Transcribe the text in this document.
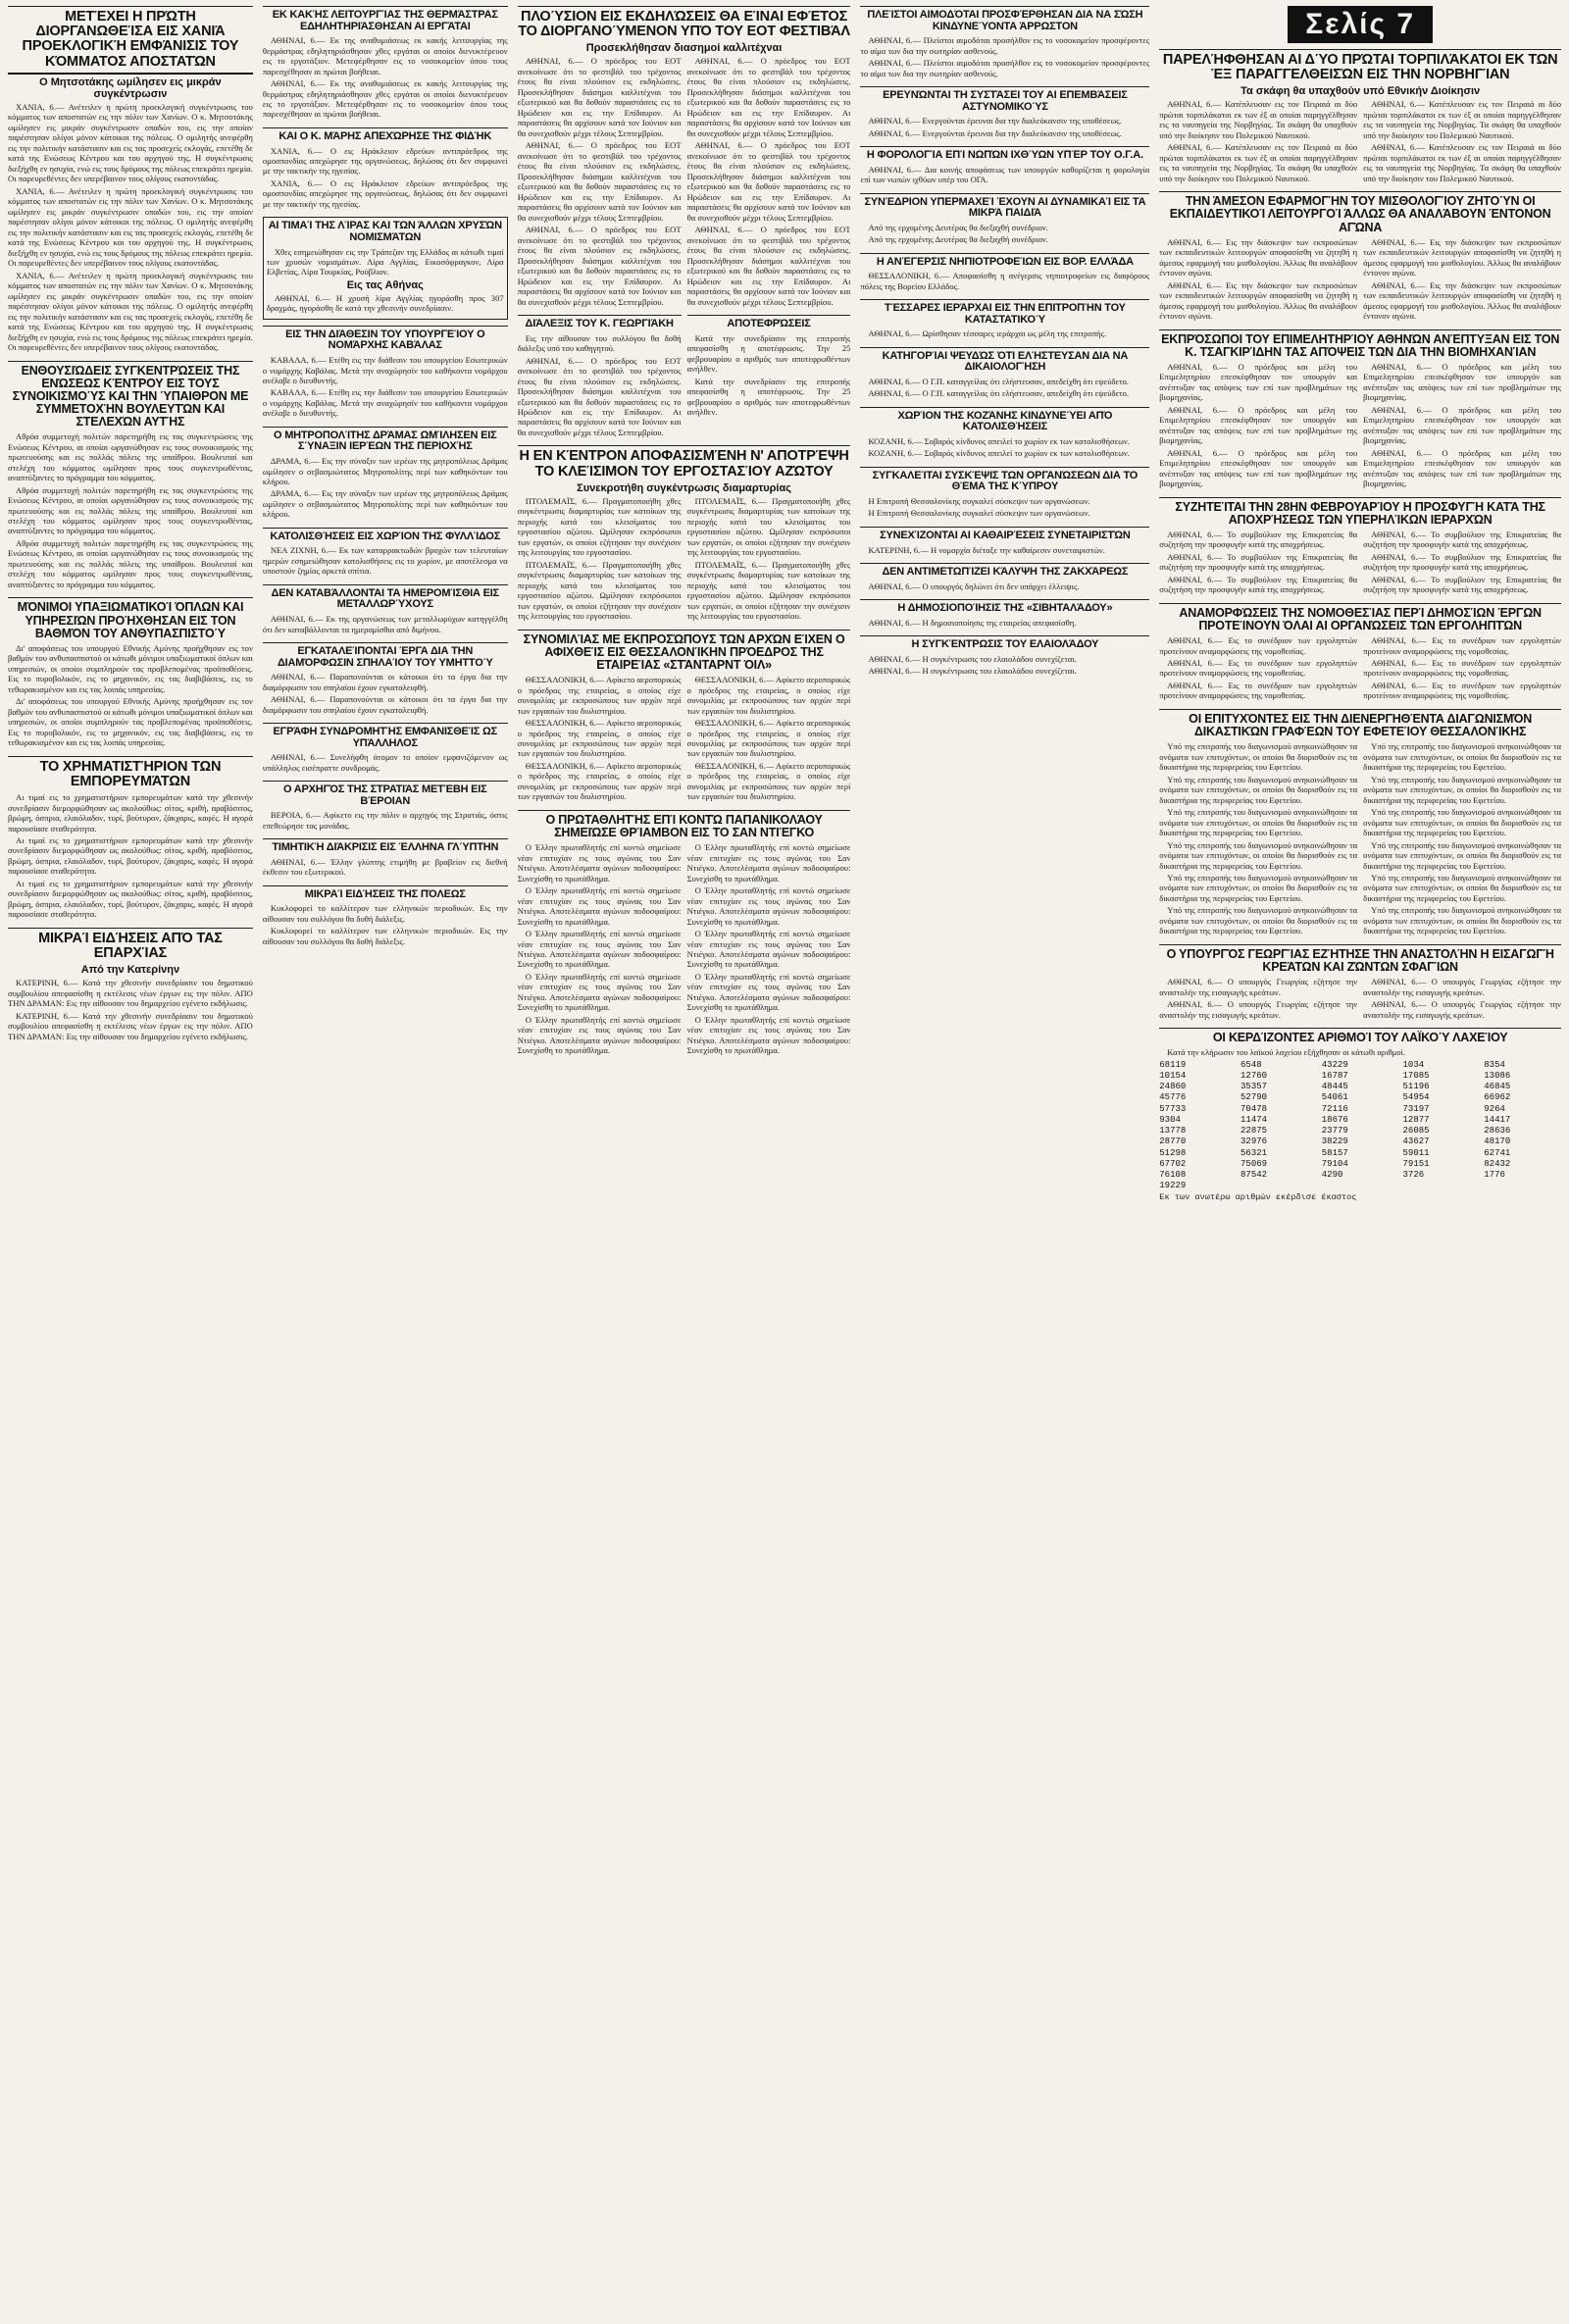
ΜΕΤΈΧΕΙ Η ΠΡΏΤΗ ΔΙΟΡΓΑΝΩΘΕΊΣΑ ΕΙΣ ΧΑΝΙΆ ΠΡΟΕΚΛΟΓΙΚΉ ΕΜΦΆΝΙΣΙΣ ΤΟΥ ΚΌΜΜΑΤΟΣ ΑΠΟΣΤΑΤΏΝ
Ο Μητσοτάκης ωμίλησεν εις μικράν συγκέντρωσιν

ΧΑΝΙΑ, 6.— Ανέτειλεν η πρώτη προεκλογική συγκέντρωσις του κόμματος των αποστατών εις την πόλιν των Χανίων. Ο κ. Μητσοτάκης ωμίλησεν εις μικράν συγκέντρωσιν οπαδών του, εις την οποίαν παρέστησαν ολίγοι μόνον κάτοικοι της πόλεως. Ο ομιλητής ανεφέρθη εις την πολιτικήν κατάστασιν και εις τας προσεχείς εκλογάς, επετέθη δε κατά της Ενώσεως Κέντρου και του αρχηγού της. Η συγκέντρωσις διεξήχθη εν ησυχία, ενώ εις τους δρόμους της πόλεως επεκράτει ηρεμία. Οι παρευρεθέντες δεν υπερέβαινον τους ολίγους εκατοντάδας.

ΧΑΝΙΑ, 6.— Ανέτειλεν η πρώτη προεκλογική συγκέντρωσις του κόμματος των αποστατών εις την πόλιν των Χανίων. Ο κ. Μητσοτάκης ωμίλησεν εις μικράν συγκέντρωσιν οπαδών του, εις την οποίαν παρέστησαν ολίγοι μόνον κάτοικοι της πόλεως. Ο ομιλητής ανεφέρθη εις την πολιτικήν κατάστασιν και εις τας προσεχείς εκλογάς, επετέθη δε κατά της Ενώσεως Κέντρου και του αρχηγού της. Η συγκέντρωσις διεξήχθη εν ησυχία, ενώ εις τους δρόμους της πόλεως επεκράτει ηρεμία. Οι παρευρεθέντες δεν υπερέβαινον τους ολίγους εκατοντάδας.

ΧΑΝΙΑ, 6.— Ανέτειλεν η πρώτη προεκλογική συγκέντρωσις του κόμματος των αποστατών εις την πόλιν των Χανίων. Ο κ. Μητσοτάκης ωμίλησεν εις μικράν συγκέντρωσιν οπαδών του, εις την οποίαν παρέστησαν ολίγοι μόνον κάτοικοι της πόλεως. Ο ομιλητής ανεφέρθη εις την πολιτικήν κατάστασιν και εις τας προσεχείς εκλογάς, επετέθη δε κατά της Ενώσεως Κέντρου και του αρχηγού της. Η συγκέντρωσις διεξήχθη εν ησυχία, ενώ εις τους δρόμους της πόλεως επεκράτει ηρεμία. Οι παρευρεθέντες δεν υπερέβαινον τους ολίγους εκατοντάδας.

ΕΝΘΟΥΣΙΏΔΕΙΣ ΣΥΓΚΕΝΤΡΏΣΕΙΣ ΤΗΣ ΕΝΏΣΕΩΣ ΚΈΝΤΡΟΥ ΕΙΣ ΤΟΥΣ ΣΥΝΟΙΚΙΣΜΟΎΣ ΚΑΙ ΤΗΝ ΎΠΑΙΘΡΟΝ ΜΕ ΣΥΜΜΕΤΟΧΉΝ ΒΟΥΛΕΥΤΏΝ ΚΑΙ ΣΤΕΛΕΧΏΝ ΑΥΤΉΣ

Αθρόα συμμετοχή πολιτών παρετηρήθη εις τας συγκεντρώσεις της Ενώσεως Κέντρου, αι οποίαι ωργανώθησαν εις τους συνοικισμούς της πρωτευούσης και εις πολλάς πόλεις της υπαίθρου. Βουλευταί και στελέχη του κόμματος ωμίλησαν προς τους συγκεντρωθέντας, αναπτύξαντες το πρόγραμμα του κόμματος.

Αθρόα συμμετοχή πολιτών παρετηρήθη εις τας συγκεντρώσεις της Ενώσεως Κέντρου, αι οποίαι ωργανώθησαν εις τους συνοικισμούς της πρωτευούσης και εις πολλάς πόλεις της υπαίθρου. Βουλευταί και στελέχη του κόμματος ωμίλησαν προς τους συγκεντρωθέντας, αναπτύξαντες το πρόγραμμα του κόμματος.

Αθρόα συμμετοχή πολιτών παρετηρήθη εις τας συγκεντρώσεις της Ενώσεως Κέντρου, αι οποίαι ωργανώθησαν εις τους συνοικισμούς της πρωτευούσης και εις πολλάς πόλεις της υπαίθρου. Βουλευταί και στελέχη του κόμματος ωμίλησαν προς τους συγκεντρωθέντας, αναπτύξαντες το πρόγραμμα του κόμματος.

ΜΌΝΙΜΟΙ ΥΠΑΞΙΩΜΑΤΙΚΟΊ ΌΠΛΩΝ ΚΑΙ ΥΠΗΡΕΣΙΏΝ ΠΡΟΉΧΘΗΣΑΝ ΕΙΣ ΤΟΝ ΒΑΘΜΌΝ ΤΟΥ ΑΝΘΥΠΑΣΠΙΣΤΟΎ

Δι' αποφάσεως του υπουργού Εθνικής Αμύνης προήχθησαν εις τον βαθμόν του ανθυπασπιστού οι κάτωθι μόνιμοι υπαξιωματικοί όπλων και υπηρεσιών, οι οποίοι συμπληρούν τας προβλεπομένας προϋποθέσεις. Εις το πυροβολικόν, εις το μηχανικόν, εις τας διαβιβάσεις, εις το τεθωρακισμένον και εις τας λοιπάς υπηρεσίας.

Δι' αποφάσεως του υπουργού Εθνικής Αμύνης προήχθησαν εις τον βαθμόν του ανθυπασπιστού οι κάτωθι μόνιμοι υπαξιωματικοί όπλων και υπηρεσιών, οι οποίοι συμπληρούν τας προβλεπομένας προϋποθέσεις. Εις το πυροβολικόν, εις το μηχανικόν, εις τας διαβιβάσεις, εις το τεθωρακισμένον και εις τας λοιπάς υπηρεσίας.

ΤΟ ΧΡΗΜΑΤΙΣΤΉΡΙΟΝ ΤΩΝ ΕΜΠΟΡΕΥΜΆΤΩΝ

Αι τιμαί εις το χρηματιστήριον εμπορευμάτων κατά την χθεσινήν συνεδρίασιν διεμορφώθησαν ως ακολούθως: σίτος, κριθή, αραβόσιτος, βρώμη, όσπρια, ελαιόλαδον, τυρί, βούτυρον, ζάκχαρις, καφές. Η αγορά παρουσίασε σταθερότητα.

Αι τιμαί εις το χρηματιστήριον εμπορευμάτων κατά την χθεσινήν συνεδρίασιν διεμορφώθησαν ως ακολούθως: σίτος, κριθή, αραβόσιτος, βρώμη, όσπρια, ελαιόλαδον, τυρί, βούτυρον, ζάκχαρις, καφές. Η αγορά παρουσίασε σταθερότητα.

Αι τιμαί εις το χρηματιστήριον εμπορευμάτων κατά την χθεσινήν συνεδρίασιν διεμορφώθησαν ως ακολούθως: σίτος, κριθή, αραβόσιτος, βρώμη, όσπρια, ελαιόλαδον, τυρί, βούτυρον, ζάκχαρις, καφές. Η αγορά παρουσίασε σταθερότητα.

ΜΙΚΡΑΊ ΕΙΔΉΣΕΙΣ ΑΠΌ ΤΑΣ ΕΠΑΡΧΊΑΣ
Από την Κατερίνην

ΚΑΤΕΡΙΝΗ, 6.— Κατά την χθεσινήν συνεδρίασιν του δημοτικού συμβουλίου απεφασίσθη η εκτέλεσις νέων έργων εις την πόλιν. ΑΠΟ ΤΗΝ ΔΡΑΜΑΝ: Εις την αίθουσαν του δημαρχείου εγένετο εκδήλωσις.

ΚΑΤΕΡΙΝΗ, 6.— Κατά την χθεσινήν συνεδρίασιν του δημοτικού συμβουλίου απεφασίσθη η εκτέλεσις νέων έργων εις την πόλιν. ΑΠΟ ΤΗΝ ΔΡΑΜΑΝ: Εις την αίθουσαν του δημαρχείου εγένετο εκδήλωσις.

ΕΚ ΚΑΚΉΣ ΛΕΙΤΟΥΡΓΊΑΣ ΤΗΣ ΘΕΡΜΆΣΤΡΑΣ ΕΔΗΛΗΤΗΡΙΆΣΘΗΣΑΝ ΑΙ ΕΡΓΆΤΑΙ

ΑΘΗΝΑΙ, 6.— Εκ της αναθυμιάσεως εκ κακής λειτουργίας της θερμάστρας εδηλητηριάσθησαν χθες εργάται οι οποίοι διενυκτέρευον εις το εργοτάξιον. Μετεφέρθησαν εις το νοσοκομείον όπου τους παρεσχέθησαν αι πρώται βοήθειαι.

ΑΘΗΝΑΙ, 6.— Εκ της αναθυμιάσεως εκ κακής λειτουργίας της θερμάστρας εδηλητηριάσθησαν χθες εργάται οι οποίοι διενυκτέρευον εις το εργοτάξιον. Μετεφέρθησαν εις το νοσοκομείον όπου τους παρεσχέθησαν αι πρώται βοήθειαι.

ΚΑΙ Ο Κ. ΜΆΡΗΣ ΑΠΕΧΏΡΗΣΕ ΤΗΣ ΦΙΔΉΚ

ΧΑΝΙΑ, 6.— Ο εις Ηράκλειον εδρεύων αντιπρόεδρος της ομοσπονδίας απεχώρησε της οργανώσεως, δηλώσας ότι δεν συμφωνεί με την τακτικήν της ηγεσίας.

ΧΑΝΙΑ, 6.— Ο εις Ηράκλειον εδρεύων αντιπρόεδρος της ομοσπονδίας απεχώρησε της οργανώσεως, δηλώσας ότι δεν συμφωνεί με την τακτικήν της ηγεσίας.

ΑΙ ΤΙΜΑΊ ΤΗΣ ΛΊΡΑΣ ΚΑΙ ΤΩΝ ΆΛΛΩΝ ΧΡΥΣΏΝ ΝΟΜΙΣΜΆΤΩΝ

Χθες εσημειώθησαν εις την Τράπεζαν της Ελλάδος αι κάτωθι τιμαί των χρυσών νομισμάτων. Λίρα Αγγλίας, Εικοσόφραγκον, Λίρα Ελβετίας, Λίρα Τουρκίας, Ρούβλιον.

Εις τας Αθήνας

ΑΘΗΝΑΙ, 6.— Η χρυσή λίρα Αγγλίας ηγοράσθη προς 307 δραχμάς, ηγοράσθη δε κατά την χθεσινήν συνεδρίασιν.

ΕΙΣ ΤΗΝ ΔΙΆΘΕΣΙΝ ΤΟΥ ΥΠΟΥΡΓΕΊΟΥ Ο ΝΟΜΆΡΧΗΣ ΚΑΒΆΛΑΣ

ΚΑΒΑΛΑ, 6.— Ετέθη εις την διάθεσιν του υπουργείου Εσωτερικών ο νομάρχης Καβάλας. Μετά την αναχώρησίν του καθήκοντα νομάρχου ανέλαβε ο διευθυντής.

ΚΑΒΑΛΑ, 6.— Ετέθη εις την διάθεσιν του υπουργείου Εσωτερικών ο νομάρχης Καβάλας. Μετά την αναχώρησίν του καθήκοντα νομάρχου ανέλαβε ο διευθυντής.

Ο ΜΗΤΡΟΠΟΛΊΤΗΣ ΔΡΆΜΑΣ ΩΜΊΛΗΣΕΝ ΕΙΣ ΣΎΝΑΞΙΝ ΙΕΡΈΩΝ ΤΗΣ ΠΕΡΙΟΧΉΣ

ΔΡΑΜΑ, 6.— Εις την σύναξιν των ιερέων της μητροπόλεως Δράμας ωμίλησεν ο σεβασμιώτατος Μητροπολίτης περί των καθηκόντων του κλήρου.

ΔΡΑΜΑ, 6.— Εις την σύναξιν των ιερέων της μητροπόλεως Δράμας ωμίλησεν ο σεβασμιώτατος Μητροπολίτης περί των καθηκόντων του κλήρου.

ΚΑΤΟΛΙΣΘΉΣΕΙΣ ΕΙΣ ΧΩΡΊΟΝ ΤΗΣ ΦΥΛΛΊΔΟΣ

ΝΕΑ ΖΙΧΝΗ, 6.— Εκ των καταρρακτωδών βροχών των τελευταίων ημερών εσημειώθησαν κατολισθήσεις εις το χωρίον, με αποτέλεσμα να υποστούν ζημίας αρκετά σπίτια.

ΔΕΝ ΚΑΤΑΒΆΛΛΟΝΤΑΙ ΤΑ ΗΜΕΡΟΜΊΣΘΙΑ ΕΙΣ ΜΕΤΑΛΛΩΡΎΧΟΥΣ

ΑΘΗΝΑΙ, 6.— Εκ της οργανώσεως των μεταλλωρύχων κατηγγέλθη ότι δεν καταβάλλονται τα ημερομίσθια από διμήνου.

ΕΓΚΑΤΑΛΕΊΠΟΝΤΑΙ ΈΡΓΑ ΔΙΑ ΤΗΝ ΔΙΑΜΌΡΦΩΣΙΝ ΣΠΗΛΑΊΟΥ ΤΟΥ ΥΜΗΤΤΟΎ

ΑΘΗΝΑΙ, 6.— Παραπονούνται οι κάτοικοι ότι τα έργα δια την διαμόρφωσιν του σπηλαίου έχουν εγκαταλειφθή.

ΑΘΗΝΑΙ, 6.— Παραπονούνται οι κάτοικοι ότι τα έργα δια την διαμόρφωσιν του σπηλαίου έχουν εγκαταλειφθή.

ΕΓΡΆΦΗ ΣΥΝΔΡΟΜΗΤΉΣ ΕΜΦΑΝΙΣΘΕΊΣ ΩΣ ΥΠΆΛΛΗΛΟΣ

ΑΘΗΝΑΙ, 6.— Συνελήφθη άτομον το οποίον εμφανιζόμενον ως υπάλληλος εισέπραττε συνδρομάς.

Ο ΑΡΧΗΓΌΣ ΤΗΣ ΣΤΡΑΤΙΆΣ ΜΕΤΈΒΗ ΕΙΣ ΒΈΡΟΙΑΝ

ΒΕΡΟΙΑ, 6.— Αφίκετο εις την πόλιν ο αρχηγός της Στρατιάς, όστις επεθεώρησε τας μονάδας.

ΤΙΜΗΤΙΚΉ ΔΙΆΚΡΙΣΙΣ ΕΙΣ ΈΛΛΗΝΑ ΓΛΎΠΤΗΝ

ΑΘΗΝΑΙ, 6.— Έλλην γλύπτης ετιμήθη με βραβείον εις διεθνή έκθεσιν του εξωτερικού.

ΜΙΚΡΑΊ ΕΙΔΉΣΕΙΣ ΤΗΣ ΠΌΛΕΩΣ

Κυκλοφορεί το καλλίτερον των ελληνικών περιοδικών. Εις την αίθουσαν του συλλόγου θα δοθή διάλεξις.

Κυκλοφορεί το καλλίτερον των ελληνικών περιοδικών. Εις την αίθουσαν του συλλόγου θα δοθή διάλεξις.

ΠΛΟΎΣΙΟΝ ΕΙΣ ΕΚΔΗΛΏΣΕΙΣ ΘΑ ΕΊΝΑΙ ΕΦΈΤΟΣ ΤΟ ΔΙΟΡΓΑΝΟΎΜΕΝΟΝ ΥΠΌ ΤΟΥ ΕΟΤ ΦΕΣΤΙΒΆΛ
Προσεκλήθησαν διασημοί καλλιτέχναι

ΑΘΗΝΑΙ, 6.— Ο πρόεδρος του ΕΟΤ ανεκοίνωσε ότι το φεστιβάλ του τρέχοντος έτους θα είναι πλούσιον εις εκδηλώσεις. Προσεκλήθησαν διάσημοι καλλιτέχναι του εξωτερικού και θα δοθούν παραστάσεις εις το Ηρώδειον και εις την Επίδαυρον. Αι παραστάσεις θα αρχίσουν κατά τον Ιούνιον και θα συνεχισθούν μέχρι τέλους Σεπτεμβρίου.

ΑΘΗΝΑΙ, 6.— Ο πρόεδρος του ΕΟΤ ανεκοίνωσε ότι το φεστιβάλ του τρέχοντος έτους θα είναι πλούσιον εις εκδηλώσεις. Προσεκλήθησαν διάσημοι καλλιτέχναι του εξωτερικού και θα δοθούν παραστάσεις εις το Ηρώδειον και εις την Επίδαυρον. Αι παραστάσεις θα αρχίσουν κατά τον Ιούνιον και θα συνεχισθούν μέχρι τέλους Σεπτεμβρίου.

ΑΘΗΝΑΙ, 6.— Ο πρόεδρος του ΕΟΤ ανεκοίνωσε ότι το φεστιβάλ του τρέχοντος έτους θα είναι πλούσιον εις εκδηλώσεις. Προσεκλήθησαν διάσημοι καλλιτέχναι του εξωτερικού και θα δοθούν παραστάσεις εις το Ηρώδειον και εις την Επίδαυρον. Αι παραστάσεις θα αρχίσουν κατά τον Ιούνιον και θα συνεχισθούν μέχρι τέλους Σεπτεμβρίου.

ΑΘΗΝΑΙ, 6.— Ο πρόεδρος του ΕΟΤ ανεκοίνωσε ότι το φεστιβάλ του τρέχοντος έτους θα είναι πλούσιον εις εκδηλώσεις. Προσεκλήθησαν διάσημοι καλλιτέχναι του εξωτερικού και θα δοθούν παραστάσεις εις το Ηρώδειον και εις την Επίδαυρον. Αι παραστάσεις θα αρχίσουν κατά τον Ιούνιον και θα συνεχισθούν μέχρι τέλους Σεπτεμβρίου.

ΑΘΗΝΑΙ, 6.— Ο πρόεδρος του ΕΟΤ ανεκοίνωσε ότι το φεστιβάλ του τρέχοντος έτους θα είναι πλούσιον εις εκδηλώσεις. Προσεκλήθησαν διάσημοι καλλιτέχναι του εξωτερικού και θα δοθούν παραστάσεις εις το Ηρώδειον και εις την Επίδαυρον. Αι παραστάσεις θα αρχίσουν κατά τον Ιούνιον και θα συνεχισθούν μέχρι τέλους Σεπτεμβρίου.

ΑΘΗΝΑΙ, 6.— Ο πρόεδρος του ΕΟΤ ανεκοίνωσε ότι το φεστιβάλ του τρέχοντος έτους θα είναι πλούσιον εις εκδηλώσεις. Προσεκλήθησαν διάσημοι καλλιτέχναι του εξωτερικού και θα δοθούν παραστάσεις εις το Ηρώδειον και εις την Επίδαυρον. Αι παραστάσεις θα αρχίσουν κατά τον Ιούνιον και θα συνεχισθούν μέχρι τέλους Σεπτεμβρίου.

ΔΙΆΛΕΞΙΣ ΤΟΥ Κ. ΓΕΩΡΓΙΆΚΗ

Εις την αίθουσαν του συλλόγου θα δοθή διάλεξις υπό του καθηγητού.

ΑΘΗΝΑΙ, 6.— Ο πρόεδρος του ΕΟΤ ανεκοίνωσε ότι το φεστιβάλ του τρέχοντος έτους θα είναι πλούσιον εις εκδηλώσεις. Προσεκλήθησαν διάσημοι καλλιτέχναι του εξωτερικού και θα δοθούν παραστάσεις εις το Ηρώδειον και εις την Επίδαυρον. Αι παραστάσεις θα αρχίσουν κατά τον Ιούνιον και θα συνεχισθούν μέχρι τέλους Σεπτεμβρίου.

ΑΠΟΤΕΦΡΏΣΕΙΣ

Κατά την συνεδρίασιν της επιτροπής απεφασίσθη η αποτέφρωσις. Την 25 φεβρουαρίου ο αριθμός των αποτεφρωθέντων ανήλθεν.

Κατά την συνεδρίασιν της επιτροπής απεφασίσθη η αποτέφρωσις. Την 25 φεβρουαρίου ο αριθμός των αποτεφρωθέντων ανήλθεν.

Η ΕΝ ΚΈΝΤΡΟΝ ΑΠΟΦΑΣΙΣΜΈΝΗ Ν' ΑΠΟΤΡΈΨΗ ΤΟ ΚΛΕΊΣΙΜΟΝ ΤΟΥ ΕΡΓΟΣΤΑΣΊΟΥ ΑΖΏΤΟΥ
Συνεκροτήθη συγκέντρωσις διαμαρτυρίας

ΠΤΟΛΕΜΑΪΣ, 6.— Πραγματοποιήθη χθες συγκέντρωσις διαμαρτυρίας των κατοίκων της περιοχής κατά του κλεισίματος του εργοστασίου αζώτου. Ωμίλησαν εκπρόσωποι των εργατών, οι οποίοι εζήτησαν την συνέχισιν της λειτουργίας του εργοστασίου.

ΠΤΟΛΕΜΑΪΣ, 6.— Πραγματοποιήθη χθες συγκέντρωσις διαμαρτυρίας των κατοίκων της περιοχής κατά του κλεισίματος του εργοστασίου αζώτου. Ωμίλησαν εκπρόσωποι των εργατών, οι οποίοι εζήτησαν την συνέχισιν της λειτουργίας του εργοστασίου.

ΠΤΟΛΕΜΑΪΣ, 6.— Πραγματοποιήθη χθες συγκέντρωσις διαμαρτυρίας των κατοίκων της περιοχής κατά του κλεισίματος του εργοστασίου αζώτου. Ωμίλησαν εκπρόσωποι των εργατών, οι οποίοι εζήτησαν την συνέχισιν της λειτουργίας του εργοστασίου.

ΠΤΟΛΕΜΑΪΣ, 6.— Πραγματοποιήθη χθες συγκέντρωσις διαμαρτυρίας των κατοίκων της περιοχής κατά του κλεισίματος του εργοστασίου αζώτου. Ωμίλησαν εκπρόσωποι των εργατών, οι οποίοι εζήτησαν την συνέχισιν της λειτουργίας του εργοστασίου.

ΣΥΝΟΜΙΛΊΑΣ ΜΕ ΕΚΠΡΟΣΏΠΟΥΣ ΤΩΝ ΑΡΧΏΝ ΕΊΧΕΝ Ο ΑΦΙΧΘΕΊΣ ΕΙΣ ΘΕΣΣΑΛΟΝΊΚΗΝ ΠΡΌΕΔΡΟΣ ΤΗΣ ΕΤΑΙΡΕΊΑΣ «ΣΤΆΝΤΑΡΝΤ ΌΙΛ»

ΘΕΣΣΑΛΟΝΙΚΗ, 6.— Αφίκετο αεροπορικώς ο πρόεδρος της εταιρείας, ο οποίος είχε συνομιλίας με εκπροσώπους των αρχών περί των εργασιών του διυλιστηρίου.

ΘΕΣΣΑΛΟΝΙΚΗ, 6.— Αφίκετο αεροπορικώς ο πρόεδρος της εταιρείας, ο οποίος είχε συνομιλίας με εκπροσώπους των αρχών περί των εργασιών του διυλιστηρίου.

ΘΕΣΣΑΛΟΝΙΚΗ, 6.— Αφίκετο αεροπορικώς ο πρόεδρος της εταιρείας, ο οποίος είχε συνομιλίας με εκπροσώπους των αρχών περί των εργασιών του διυλιστηρίου.

ΘΕΣΣΑΛΟΝΙΚΗ, 6.— Αφίκετο αεροπορικώς ο πρόεδρος της εταιρείας, ο οποίος είχε συνομιλίας με εκπροσώπους των αρχών περί των εργασιών του διυλιστηρίου.

ΘΕΣΣΑΛΟΝΙΚΗ, 6.— Αφίκετο αεροπορικώς ο πρόεδρος της εταιρείας, ο οποίος είχε συνομιλίας με εκπροσώπους των αρχών περί των εργασιών του διυλιστηρίου.

ΘΕΣΣΑΛΟΝΙΚΗ, 6.— Αφίκετο αεροπορικώς ο πρόεδρος της εταιρείας, ο οποίος είχε συνομιλίας με εκπροσώπους των αρχών περί των εργασιών του διυλιστηρίου.

Ο ΠΡΩΤΑΘΛΗΤΉΣ ΕΠΊ ΚΟΝΤΏ ΠΑΠΑΝΙΚΟΛΆΟΥ ΣΗΜΕΙΏΣΕ ΘΡΊΑΜΒΟΝ ΕΙΣ ΤΟ ΣΑΝ ΝΤΙΈΓΚΟ

Ο Έλλην πρωταθλητής επί κοντώ σημείωσε νέαν επιτυχίαν εις τους αγώνας του Σαν Ντιέγκο. Αποτελέσματα αγώνων ποδοσφαίρου: Συνεχίσθη το πρωτάθλημα.

Ο Έλλην πρωταθλητής επί κοντώ σημείωσε νέαν επιτυχίαν εις τους αγώνας του Σαν Ντιέγκο. Αποτελέσματα αγώνων ποδοσφαίρου: Συνεχίσθη το πρωτάθλημα.

Ο Έλλην πρωταθλητής επί κοντώ σημείωσε νέαν επιτυχίαν εις τους αγώνας του Σαν Ντιέγκο. Αποτελέσματα αγώνων ποδοσφαίρου: Συνεχίσθη το πρωτάθλημα.

Ο Έλλην πρωταθλητής επί κοντώ σημείωσε νέαν επιτυχίαν εις τους αγώνας του Σαν Ντιέγκο. Αποτελέσματα αγώνων ποδοσφαίρου: Συνεχίσθη το πρωτάθλημα.

Ο Έλλην πρωταθλητής επί κοντώ σημείωσε νέαν επιτυχίαν εις τους αγώνας του Σαν Ντιέγκο. Αποτελέσματα αγώνων ποδοσφαίρου: Συνεχίσθη το πρωτάθλημα.

Ο Έλλην πρωταθλητής επί κοντώ σημείωσε νέαν επιτυχίαν εις τους αγώνας του Σαν Ντιέγκο. Αποτελέσματα αγώνων ποδοσφαίρου: Συνεχίσθη το πρωτάθλημα.

Ο Έλλην πρωταθλητής επί κοντώ σημείωσε νέαν επιτυχίαν εις τους αγώνας του Σαν Ντιέγκο. Αποτελέσματα αγώνων ποδοσφαίρου: Συνεχίσθη το πρωτάθλημα.

Ο Έλλην πρωταθλητής επί κοντώ σημείωσε νέαν επιτυχίαν εις τους αγώνας του Σαν Ντιέγκο. Αποτελέσματα αγώνων ποδοσφαίρου: Συνεχίσθη το πρωτάθλημα.

Ο Έλλην πρωταθλητής επί κοντώ σημείωσε νέαν επιτυχίαν εις τους αγώνας του Σαν Ντιέγκο. Αποτελέσματα αγώνων ποδοσφαίρου: Συνεχίσθη το πρωτάθλημα.

Ο Έλλην πρωταθλητής επί κοντώ σημείωσε νέαν επιτυχίαν εις τους αγώνας του Σαν Ντιέγκο. Αποτελέσματα αγώνων ποδοσφαίρου: Συνεχίσθη το πρωτάθλημα.

ΠΛΕΊΣΤΟΙ ΑΙΜΟΔΌΤΑΙ ΠΡΟΣΦΈΡΘΗΣΑΝ ΔΙΑ ΝΑ ΣΏΣΗ ΚΙΝΔΥΝΕΎΟΝΤΑ ΆΡΡΩΣΤΟΝ

ΑΘΗΝΑΙ, 6.— Πλείστοι αιμοδόται προσήλθον εις το νοσοκομείον προσφέροντες το αίμα των δια την σωτηρίαν ασθενούς.

ΑΘΗΝΑΙ, 6.— Πλείστοι αιμοδόται προσήλθον εις το νοσοκομείον προσφέροντες το αίμα των δια την σωτηρίαν ασθενούς.

ΕΡΕΥΝΏΝΤΑΙ ΤΗ ΣΥΣΤΆΣΕΙ ΤΟΥ ΑΙ ΕΠΕΜΒΆΣΕΙΣ ΑΣΤΥΝΟΜΙΚΟΎΣ

ΑΘΗΝΑΙ, 6.— Ενεργούνται έρευναι δια την διαλεύκανσιν της υποθέσεως.

ΑΘΗΝΑΙ, 6.— Ενεργούνται έρευναι δια την διαλεύκανσιν της υποθέσεως.

Η ΦΟΡΟΛΟΓΊΑ ΕΠΊ ΝΩΠΏΝ ΙΧΘΎΩΝ ΥΠΈΡ ΤΟΥ Ο.Γ.Α.

ΑΘΗΝΑΙ, 6.— Δια κοινής αποφάσεως των υπουργών καθορίζεται η φορολογία επί των νωπών ιχθύων υπέρ του ΟΓΑ.

ΣΥΝΈΔΡΙΟΝ ΥΠΕΡΜΑΧΕΊ ΈΧΟΥΝ ΑΙ ΔΥΝΑΜΙΚΑΊ ΕΙΣ ΤΑ ΜΙΚΡΆ ΠΑΙΔΙΆ

Από της ερχομένης Δευτέρας θα διεξαχθή συνέδριον.

Από της ερχομένης Δευτέρας θα διεξαχθή συνέδριον.

Η ΑΝΈΓΕΡΣΙΣ ΝΗΠΙΟΤΡΟΦΕΊΩΝ ΕΙΣ ΒΟΡ. ΕΛΛΆΔΑ

ΘΕΣΣΑΛΟΝΙΚΗ, 6.— Αποφασίσθη η ανέγερσις νηπιοτροφείων εις διαφόρους πόλεις της Βορείου Ελλάδος.

ΤΈΣΣΑΡΕΣ ΙΕΡΆΡΧΑΙ ΕΙΣ ΤΗΝ ΕΠΙΤΡΟΠΉΝ ΤΟΥ ΚΑΤΑΣΤΑΤΙΚΟΎ

ΑΘΗΝΑΙ, 6.— Ωρίσθησαν τέσσαρες ιεράρχαι ως μέλη της επιτροπής.

ΚΑΤΗΓΟΡΊΑΙ ΨΕΥΔΏΣ ΌΤΙ ΕΛΉΣΤΕΥΣΑΝ ΔΙΑ ΝΑ ΔΙΚΑΙΟΛΟΓΉΣΗ

ΑΘΗΝΑΙ, 6.— Ο Γ.Π. καταγγείλας ότι ελήστευσαν, απεδείχθη ότι εψεύδετο.

ΑΘΗΝΑΙ, 6.— Ο Γ.Π. καταγγείλας ότι ελήστευσαν, απεδείχθη ότι εψεύδετο.

ΧΩΡΊΟΝ ΤΗΣ ΚΟΖΆΝΗΣ ΚΙΝΔΥΝΕΎΕΙ ΑΠΌ ΚΑΤΟΛΙΣΘΉΣΕΙΣ

ΚΟΖΑΝΗ, 6.— Σοβαρός κίνδυνος απειλεί το χωρίον εκ των κατολισθήσεων.

ΚΟΖΑΝΗ, 6.— Σοβαρός κίνδυνος απειλεί το χωρίον εκ των κατολισθήσεων.

ΣΥΓΚΑΛΕΊΤΑΙ ΣΥΣΚΈΨΙΣ ΤΩΝ ΟΡΓΑΝΏΣΕΩΝ ΔΙΑ ΤΟ ΘΈΜΑ ΤΗΣ ΚΎΠΡΟΥ

Η Επιτροπή Θεσσαλονίκης συγκαλεί σύσκεψιν των οργανώσεων.

Η Επιτροπή Θεσσαλονίκης συγκαλεί σύσκεψιν των οργανώσεων.

ΣΥΝΕΧΊΖΟΝΤΑΙ ΑΙ ΚΑΘΑΙΡΈΣΕΙΣ ΣΥΝΕΤΑΙΡΙΣΤΏΝ

ΚΑΤΕΡΙΝΗ, 6.— Η νομαρχία διέταξε την καθαίρεσιν συνεταιριστών.

ΔΕΝ ΑΝΤΙΜΕΤΩΠΊΖΕΙ ΚΆΛΥΨΗ ΤΗΣ ΖΑΚΧΆΡΕΩΣ

ΑΘΗΝΑΙ, 6.— Ο υπουργός δηλώνει ότι δεν υπάρχει έλλειψις.

Η ΔΗΜΟΣΙΟΠΟΊΗΣΙΣ ΤΗΣ «ΣΙΒΗΤΑΛΆΔΟΥ»

ΑΘΗΝΑΙ, 6.— Η δημοσιοποίησις της εταιρείας απεφασίσθη.

Η ΣΥΓΚΈΝΤΡΩΣΙΣ ΤΟΥ ΕΛΑΙΟΛΆΔΟΥ

ΑΘΗΝΑΙ, 6.— Η συγκέντρωσις του ελαιολάδου συνεχίζεται.

ΑΘΗΝΑΙ, 6.— Η συγκέντρωσις του ελαιολάδου συνεχίζεται.

Σελίς 7
ΠΑΡΕΛΉΦΘΗΣΑΝ ΑΙ ΔΎΟ ΠΡΏΤΑΙ ΤΟΡΠΙΛΆΚΑΤΟΙ ΕΚ ΤΩΝ ΈΞ ΠΑΡΑΓΓΕΛΘΕΙΣΏΝ ΕΙΣ ΤΗΝ ΝΟΡΒΗΓΊΑΝ
Τα σκάφη θα υπαχθούν υπό Εθνικήν Διοίκησιν

ΑΘΗΝΑΙ, 6.— Κατέπλευσαν εις τον Πειραιά αι δύο πρώται τορπιλάκατοι εκ των έξ αι οποίαι παρηγγέλθησαν εις τα ναυπηγεία της Νορβηγίας. Τα σκάφη θα υπαχθούν υπό την διοίκησιν του Πολεμικού Ναυτικού.

ΑΘΗΝΑΙ, 6.— Κατέπλευσαν εις τον Πειραιά αι δύο πρώται τορπιλάκατοι εκ των έξ αι οποίαι παρηγγέλθησαν εις τα ναυπηγεία της Νορβηγίας. Τα σκάφη θα υπαχθούν υπό την διοίκησιν του Πολεμικού Ναυτικού.

ΑΘΗΝΑΙ, 6.— Κατέπλευσαν εις τον Πειραιά αι δύο πρώται τορπιλάκατοι εκ των έξ αι οποίαι παρηγγέλθησαν εις τα ναυπηγεία της Νορβηγίας. Τα σκάφη θα υπαχθούν υπό την διοίκησιν του Πολεμικού Ναυτικού.

ΑΘΗΝΑΙ, 6.— Κατέπλευσαν εις τον Πειραιά αι δύο πρώται τορπιλάκατοι εκ των έξ αι οποίαι παρηγγέλθησαν εις τα ναυπηγεία της Νορβηγίας. Τα σκάφη θα υπαχθούν υπό την διοίκησιν του Πολεμικού Ναυτικού.

ΤΗΝ ΆΜΕΣΟΝ ΕΦΑΡΜΟΓΉΝ ΤΟΥ ΜΙΣΘΟΛΟΓΊΟΥ ΖΗΤΟΎΝ ΟΙ ΕΚΠΑΙΔΕΥΤΙΚΟΊ ΛΕΙΤΟΥΡΓΟΊ ΆΛΛΩΣ ΘΑ ΑΝΑΛΆΒΟΥΝ ΈΝΤΟΝΟΝ ΑΓΏΝΑ

ΑΘΗΝΑΙ, 6.— Εις την διάσκεψιν των εκπροσώπων των εκπαιδευτικών λειτουργών αποφασίσθη να ζητηθή η άμεσος εφαρμογή του μισθολογίου. Άλλως θα αναλάβουν έντονον αγώνα.

ΑΘΗΝΑΙ, 6.— Εις την διάσκεψιν των εκπροσώπων των εκπαιδευτικών λειτουργών αποφασίσθη να ζητηθή η άμεσος εφαρμογή του μισθολογίου. Άλλως θα αναλάβουν έντονον αγώνα.

ΑΘΗΝΑΙ, 6.— Εις την διάσκεψιν των εκπροσώπων των εκπαιδευτικών λειτουργών αποφασίσθη να ζητηθή η άμεσος εφαρμογή του μισθολογίου. Άλλως θα αναλάβουν έντονον αγώνα.

ΑΘΗΝΑΙ, 6.— Εις την διάσκεψιν των εκπροσώπων των εκπαιδευτικών λειτουργών αποφασίσθη να ζητηθή η άμεσος εφαρμογή του μισθολογίου. Άλλως θα αναλάβουν έντονον αγώνα.

ΕΚΠΡΌΣΩΠΟΙ ΤΟΥ ΕΠΙΜΕΛΗΤΗΡΊΟΥ ΑΘΗΝΏΝ ΑΝΈΠΤΥΞΑΝ ΕΙΣ ΤΟΝ Κ. ΤΣΑΓΚΙΡΊΔΗΝ ΤΑΣ ΑΠΌΨΕΙΣ ΤΩΝ ΔΙΑ ΤΗΝ ΒΙΟΜΗΧΑΝΊΑΝ

ΑΘΗΝΑΙ, 6.— Ο πρόεδρος και μέλη του Επιμελητηρίου επεσκέφθησαν τον υπουργόν και ανέπτυξαν τας απόψεις των επί των προβλημάτων της βιομηχανίας.

ΑΘΗΝΑΙ, 6.— Ο πρόεδρος και μέλη του Επιμελητηρίου επεσκέφθησαν τον υπουργόν και ανέπτυξαν τας απόψεις των επί των προβλημάτων της βιομηχανίας.

ΑΘΗΝΑΙ, 6.— Ο πρόεδρος και μέλη του Επιμελητηρίου επεσκέφθησαν τον υπουργόν και ανέπτυξαν τας απόψεις των επί των προβλημάτων της βιομηχανίας.

ΑΘΗΝΑΙ, 6.— Ο πρόεδρος και μέλη του Επιμελητηρίου επεσκέφθησαν τον υπουργόν και ανέπτυξαν τας απόψεις των επί των προβλημάτων της βιομηχανίας.

ΑΘΗΝΑΙ, 6.— Ο πρόεδρος και μέλη του Επιμελητηρίου επεσκέφθησαν τον υπουργόν και ανέπτυξαν τας απόψεις των επί των προβλημάτων της βιομηχανίας.

ΑΘΗΝΑΙ, 6.— Ο πρόεδρος και μέλη του Επιμελητηρίου επεσκέφθησαν τον υπουργόν και ανέπτυξαν τας απόψεις των επί των προβλημάτων της βιομηχανίας.

ΣΥΖΗΤΕΊΤΑΙ ΤΗΝ 28ΗΝ ΦΕΒΡΟΥΑΡΊΟΥ Η ΠΡΟΣΦΥΓΉ ΚΑΤΆ ΤΗΣ ΑΠΟΧΡΉΣΕΩΣ ΤΩΝ ΥΠΕΡΗΛΊΚΩΝ ΙΕΡΑΡΧΏΝ

ΑΘΗΝΑΙ, 6.— Το συμβούλιον της Επικρατείας θα συζητήση την προσφυγήν κατά της αποχρήσεως.

ΑΘΗΝΑΙ, 6.— Το συμβούλιον της Επικρατείας θα συζητήση την προσφυγήν κατά της αποχρήσεως.

ΑΘΗΝΑΙ, 6.— Το συμβούλιον της Επικρατείας θα συζητήση την προσφυγήν κατά της αποχρήσεως.

ΑΘΗΝΑΙ, 6.— Το συμβούλιον της Επικρατείας θα συζητήση την προσφυγήν κατά της αποχρήσεως.

ΑΘΗΝΑΙ, 6.— Το συμβούλιον της Επικρατείας θα συζητήση την προσφυγήν κατά της αποχρήσεως.

ΑΘΗΝΑΙ, 6.— Το συμβούλιον της Επικρατείας θα συζητήση την προσφυγήν κατά της αποχρήσεως.

ΑΝΑΜΟΡΦΏΣΕΙΣ ΤΗΣ ΝΟΜΟΘΕΣΊΑΣ ΠΕΡΊ ΔΗΜΟΣΊΩΝ ΈΡΓΩΝ ΠΡΟΤΕΊΝΟΥΝ ΌΛΑΙ ΑΙ ΟΡΓΑΝΏΣΕΙΣ ΤΩΝ ΕΡΓΟΛΗΠΤΏΝ

ΑΘΗΝΑΙ, 6.— Εις το συνέδριον των εργοληπτών προτείνουν αναμορφώσεις της νομοθεσίας.

ΑΘΗΝΑΙ, 6.— Εις το συνέδριον των εργοληπτών προτείνουν αναμορφώσεις της νομοθεσίας.

ΑΘΗΝΑΙ, 6.— Εις το συνέδριον των εργοληπτών προτείνουν αναμορφώσεις της νομοθεσίας.

ΑΘΗΝΑΙ, 6.— Εις το συνέδριον των εργοληπτών προτείνουν αναμορφώσεις της νομοθεσίας.

ΑΘΗΝΑΙ, 6.— Εις το συνέδριον των εργοληπτών προτείνουν αναμορφώσεις της νομοθεσίας.

ΑΘΗΝΑΙ, 6.— Εις το συνέδριον των εργοληπτών προτείνουν αναμορφώσεις της νομοθεσίας.

ΟΙ ΕΠΙΤΥΧΌΝΤΕΣ ΕΙΣ ΤΗΝ ΔΙΕΝΕΡΓΗΘΈΝΤΑ ΔΙΑΓΩΝΙΣΜΌΝ ΔΙΚΑΣΤΙΚΏΝ ΓΡΑΦΈΩΝ ΤΟΥ ΕΦΕΤΕΊΟΥ ΘΕΣΣΑΛΟΝΊΚΗΣ

Υπό της επιτροπής του διαγωνισμού ανηκοινώθησαν τα ονόματα των επιτυχόντων, οι οποίοι θα διορισθούν εις τα δικαστήρια της περιφερείας του Εφετείου.

Υπό της επιτροπής του διαγωνισμού ανηκοινώθησαν τα ονόματα των επιτυχόντων, οι οποίοι θα διορισθούν εις τα δικαστήρια της περιφερείας του Εφετείου.

Υπό της επιτροπής του διαγωνισμού ανηκοινώθησαν τα ονόματα των επιτυχόντων, οι οποίοι θα διορισθούν εις τα δικαστήρια της περιφερείας του Εφετείου.

Υπό της επιτροπής του διαγωνισμού ανηκοινώθησαν τα ονόματα των επιτυχόντων, οι οποίοι θα διορισθούν εις τα δικαστήρια της περιφερείας του Εφετείου.

Υπό της επιτροπής του διαγωνισμού ανηκοινώθησαν τα ονόματα των επιτυχόντων, οι οποίοι θα διορισθούν εις τα δικαστήρια της περιφερείας του Εφετείου.

Υπό της επιτροπής του διαγωνισμού ανηκοινώθησαν τα ονόματα των επιτυχόντων, οι οποίοι θα διορισθούν εις τα δικαστήρια της περιφερείας του Εφετείου.

Υπό της επιτροπής του διαγωνισμού ανηκοινώθησαν τα ονόματα των επιτυχόντων, οι οποίοι θα διορισθούν εις τα δικαστήρια της περιφερείας του Εφετείου.

Υπό της επιτροπής του διαγωνισμού ανηκοινώθησαν τα ονόματα των επιτυχόντων, οι οποίοι θα διορισθούν εις τα δικαστήρια της περιφερείας του Εφετείου.

Υπό της επιτροπής του διαγωνισμού ανηκοινώθησαν τα ονόματα των επιτυχόντων, οι οποίοι θα διορισθούν εις τα δικαστήρια της περιφερείας του Εφετείου.

Υπό της επιτροπής του διαγωνισμού ανηκοινώθησαν τα ονόματα των επιτυχόντων, οι οποίοι θα διορισθούν εις τα δικαστήρια της περιφερείας του Εφετείου.

Υπό της επιτροπής του διαγωνισμού ανηκοινώθησαν τα ονόματα των επιτυχόντων, οι οποίοι θα διορισθούν εις τα δικαστήρια της περιφερείας του Εφετείου.

Υπό της επιτροπής του διαγωνισμού ανηκοινώθησαν τα ονόματα των επιτυχόντων, οι οποίοι θα διορισθούν εις τα δικαστήρια της περιφερείας του Εφετείου.

Ο ΥΠΟΥΡΓΌΣ ΓΕΩΡΓΊΑΣ ΕΖΉΤΗΣΕ ΤΗΝ ΑΝΑΣΤΟΛΉΝ Η ΕΙΣΑΓΩΓΉ ΚΡΕΆΤΩΝ ΚΑΙ ΖΏΝΤΩΝ ΣΦΑΓΊΩΝ

ΑΘΗΝΑΙ, 6.— Ο υπουργός Γεωργίας εζήτησε την αναστολήν της εισαγωγής κρεάτων.

ΑΘΗΝΑΙ, 6.— Ο υπουργός Γεωργίας εζήτησε την αναστολήν της εισαγωγής κρεάτων.

ΑΘΗΝΑΙ, 6.— Ο υπουργός Γεωργίας εζήτησε την αναστολήν της εισαγωγής κρεάτων.

ΑΘΗΝΑΙ, 6.— Ο υπουργός Γεωργίας εζήτησε την αναστολήν της εισαγωγής κρεάτων.

ΟΙ ΚΕΡΔΊΖΟΝΤΕΣ ΑΡΙΘΜΟΊ ΤΟΥ ΛΑΪΚΟΎ ΛΑΧΕΊΟΥ

Κατά την κλήρωσιν του λαϊκού λαχείου εξήχθησαν οι κάτωθι αριθμοί.

68119	6548	43229	1034	8354
10154	12760	16787	17085	13086
24860	35357	48445	51196	46845
45776	52790	54061	54954	66962
57733	70478	72116	73197	9264
9304	11474	18676	12877	14417
13778	22875	23779	26085	28636
28770	32976	38229	43627	48170
51298	56321	58157	59011	62741
67702	75069	79104	79151	82432
76108	87542	4290	3726	1776
19229
Εκ των ανωτέρω αριθμών εκέρδισε έκαστος
